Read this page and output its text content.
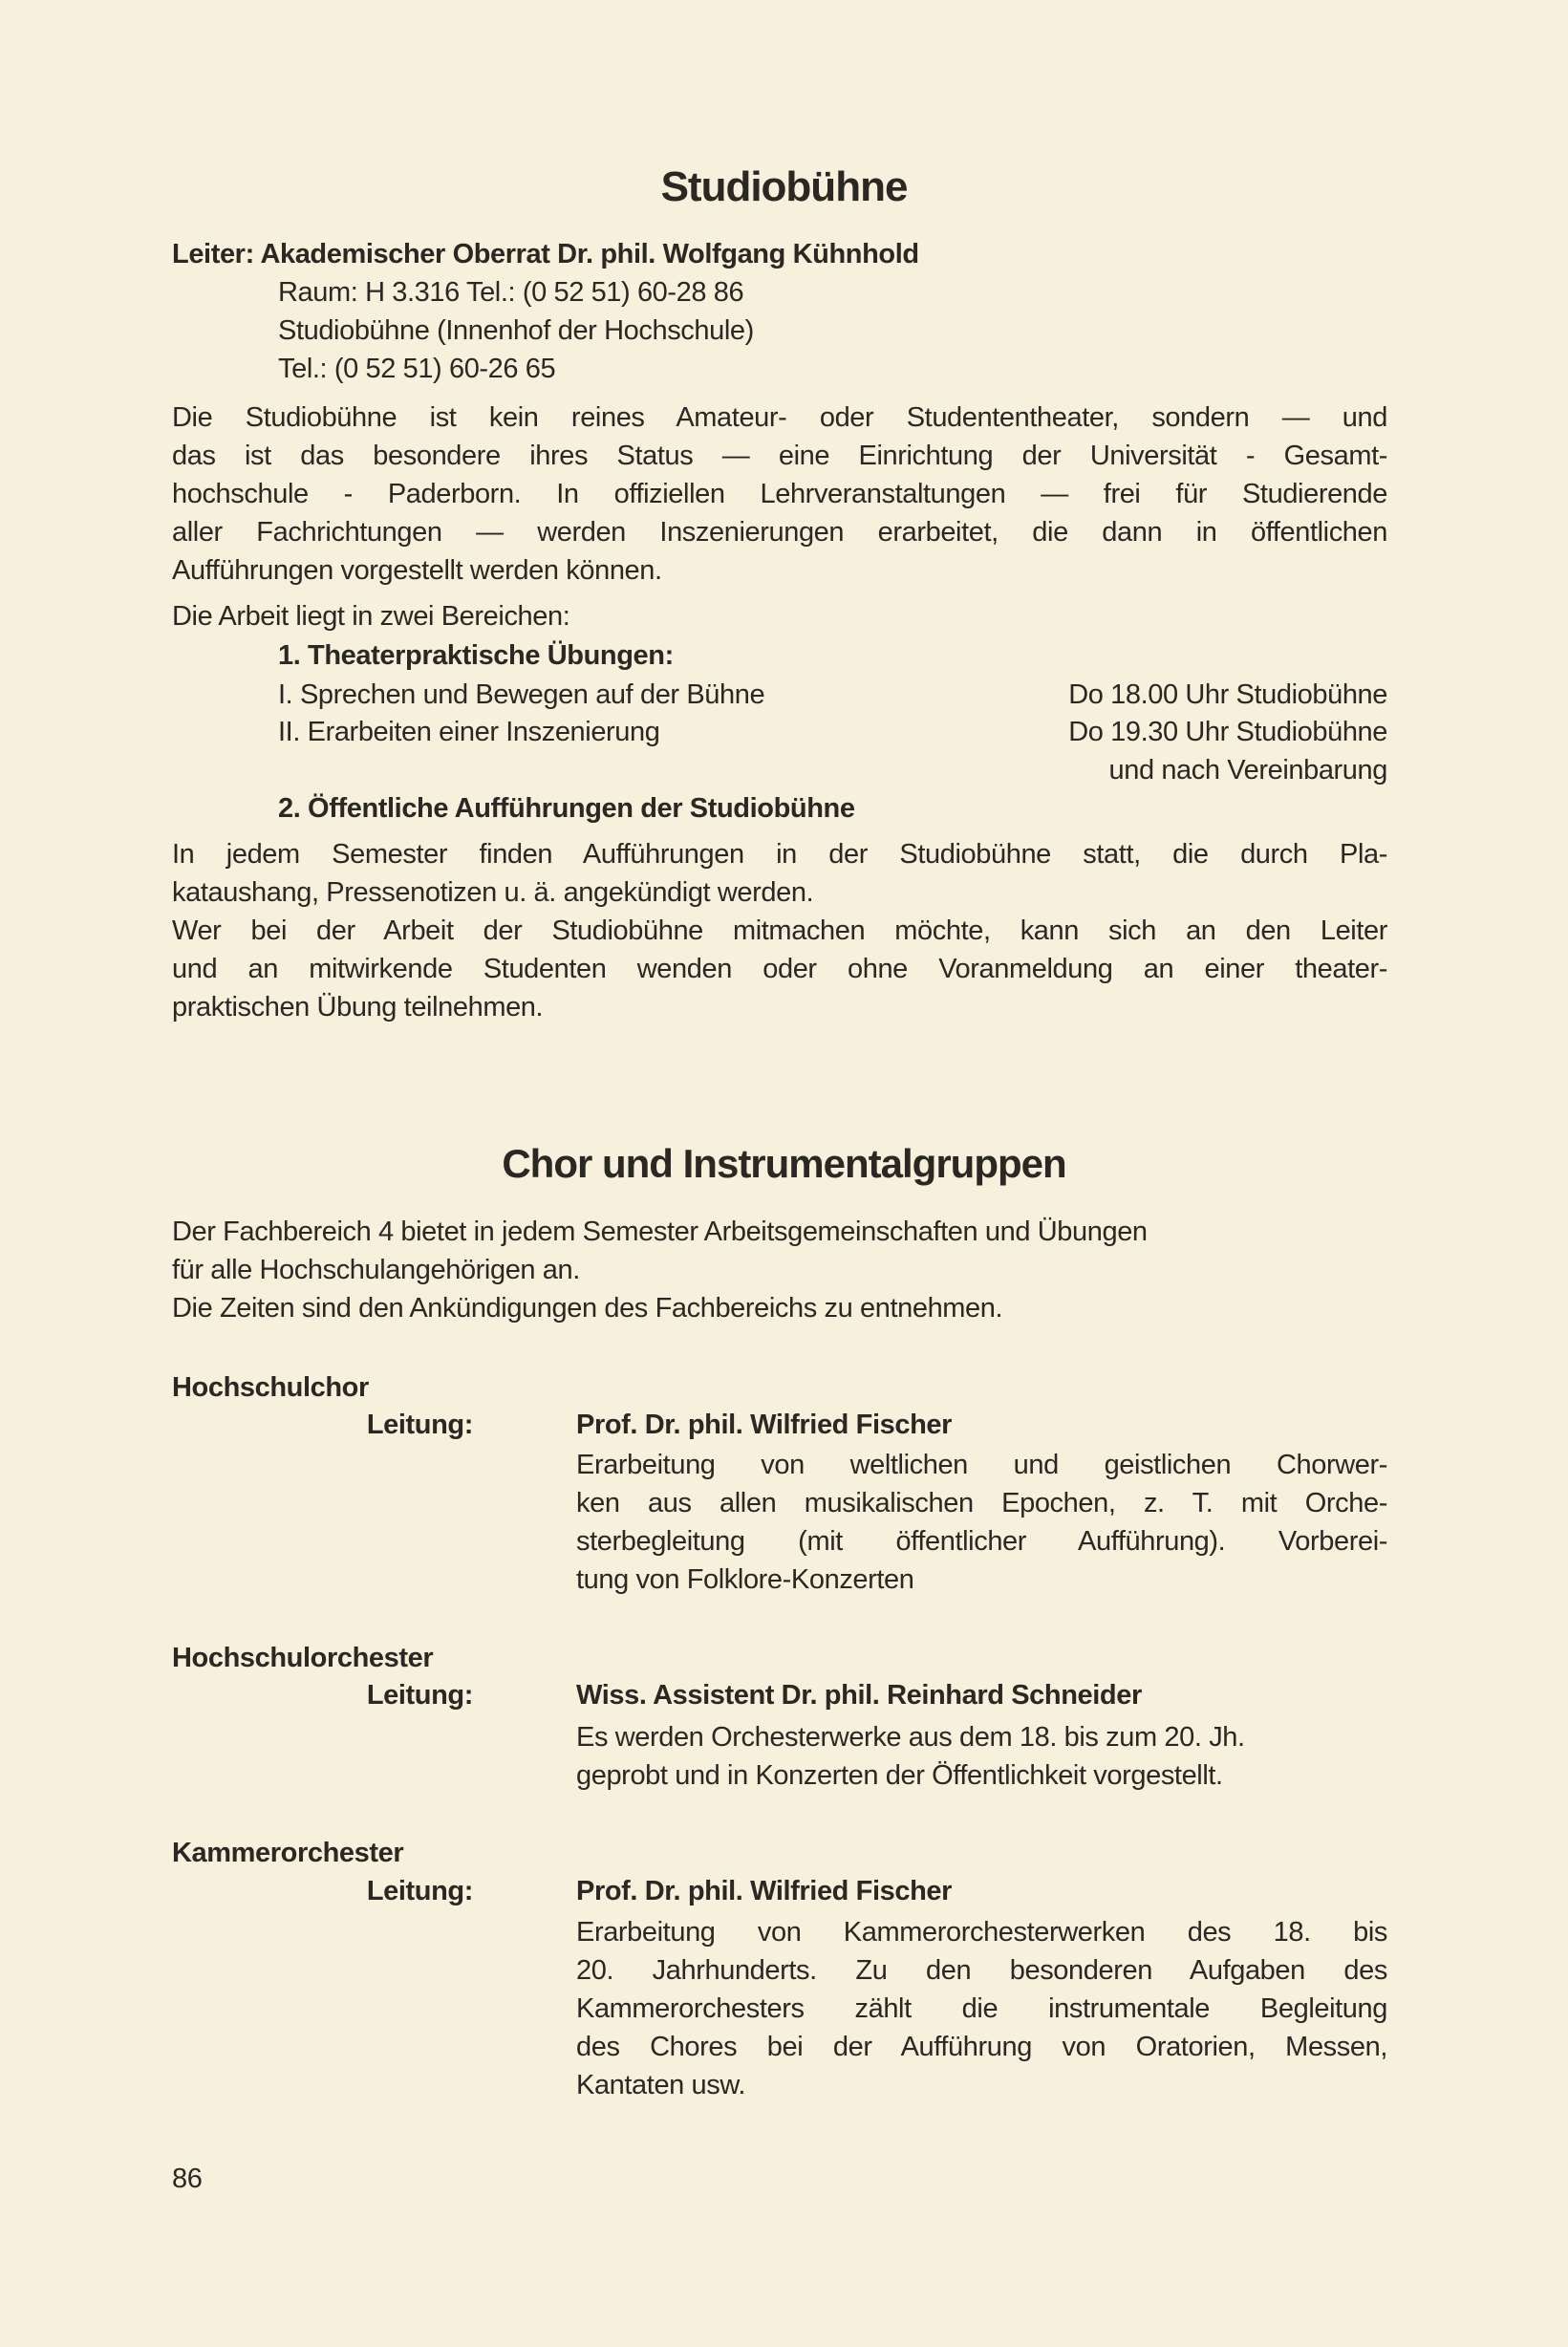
Studiobühne
Leiter: Akademischer Oberrat Dr. phil. Wolfgang Kühnhold
Raum: H 3.316 Tel.: (0 52 51) 60-28 86
Studiobühne (Innenhof der Hochschule)
Tel.: (0 52 51) 60-26 65
Die Studiobühne ist kein reines Amateur- oder Studententheater, sondern — und
das ist das besondere ihres Status — eine Einrichtung der Universität - Gesamt-
hochschule - Paderborn. In offiziellen Lehrveranstaltungen — frei für Studierende
aller Fachrichtungen — werden Inszenierungen erarbeitet, die dann in öffentlichen
Aufführungen vorgestellt werden können.
Die Arbeit liegt in zwei Bereichen:
1. Theaterpraktische Übungen:
I. Sprechen und Bewegen auf der Bühne	Do 18.00 Uhr Studiobühne
II. Erarbeiten einer Inszenierung	Do 19.30 Uhr Studiobühne
und nach Vereinbarung
2. Öffentliche Aufführungen der Studiobühne
In jedem Semester finden Aufführungen in der Studiobühne statt, die durch Pla-
kataushang, Pressenotizen u. ä. angekündigt werden.
Wer bei der Arbeit der Studiobühne mitmachen möchte, kann sich an den Leiter
und an mitwirkende Studenten wenden oder ohne Voranmeldung an einer theater-
praktischen Übung teilnehmen.
Chor und Instrumentalgruppen
Der Fachbereich 4 bietet in jedem Semester Arbeitsgemeinschaften und Übungen
für alle Hochschulangehörigen an.
Die Zeiten sind den Ankündigungen des Fachbereichs zu entnehmen.
Hochschulchor
Leitung:	Prof. Dr. phil. Wilfried Fischer
Erarbeitung von weltlichen und geistlichen Chorwer-
ken aus allen musikalischen Epochen, z. T. mit Orche-
sterbegleitung (mit öffentlicher Aufführung). Vorberei-
tung von Folklore-Konzerten
Hochschulorchester
Leitung:	Wiss. Assistent Dr. phil. Reinhard Schneider
Es werden Orchesterwerke aus dem 18. bis zum 20. Jh.
geprobt und in Konzerten der Öffentlichkeit vorgestellt.
Kammerorchester
Leitung:	Prof. Dr. phil. Wilfried Fischer
Erarbeitung von Kammerorchesterwerken des 18. bis
20. Jahrhunderts. Zu den besonderen Aufgaben des
Kammerorchesters zählt die instrumentale Begleitung
des Chores bei der Aufführung von Oratorien, Messen,
Kantaten usw.
86
